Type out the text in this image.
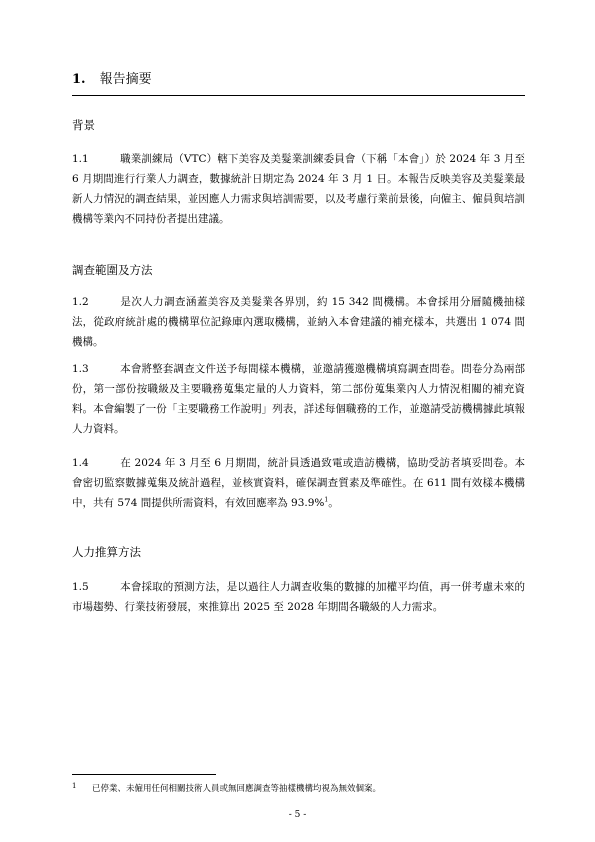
1. 報告摘要
背景
1.1	職業訓練局（VTC）轄下美容及美髮業訓練委員會（下稱「本會」）於 2024 年 3 月至 6 月期間進行行業人力調查，數據統計日期定為 2024 年 3 月 1 日。本報告反映美容及美髮業最新人力情況的調查結果，並因應人力需求與培訓需要，以及考慮行業前景後，向僱主、僱員與培訓機構等業內不同持份者提出建議。
調查範圍及方法
1.2	是次人力調查涵蓋美容及美髮業各界別，約 15 342 間機構。本會採用分層隨機抽樣法，從政府統計處的機構單位記錄庫內選取機構，並納入本會建議的補充樣本，共選出 1 074 間機構。
1.3	本會將整套調查文件送予每間樣本機構，並邀請獲邀機構填寫調查問卷。問卷分為兩部份，第一部份按職級及主要職務蒐集定量的人力資料，第二部份蒐集業內人力情況相關的補充資料。本會編製了一份「主要職務工作說明」列表，詳述每個職務的工作，並邀請受訪機構據此填報人力資料。
1.4	在 2024 年 3 月至 6 月期間，統計員透過致電或造訪機構，協助受訪者填妥問卷。本會密切監察數據蒐集及統計過程，並核實資料，確保調查質素及準確性。在 611 間有效樣本機構中，共有 574 間提供所需資料，有效回應率為 93.9%$^1$。
人力推算方法
1.5	本會採取的預測方法，是以過往人力調查收集的數據的加權平均值，再一併考慮未來的市場趨勢、行業技術發展，來推算出 2025 至 2028 年期間各職級的人力需求。
1 已停業、未僱用任何相關技術人員或無回應調查等抽樣機構均視為無效個案。
- 5 -
